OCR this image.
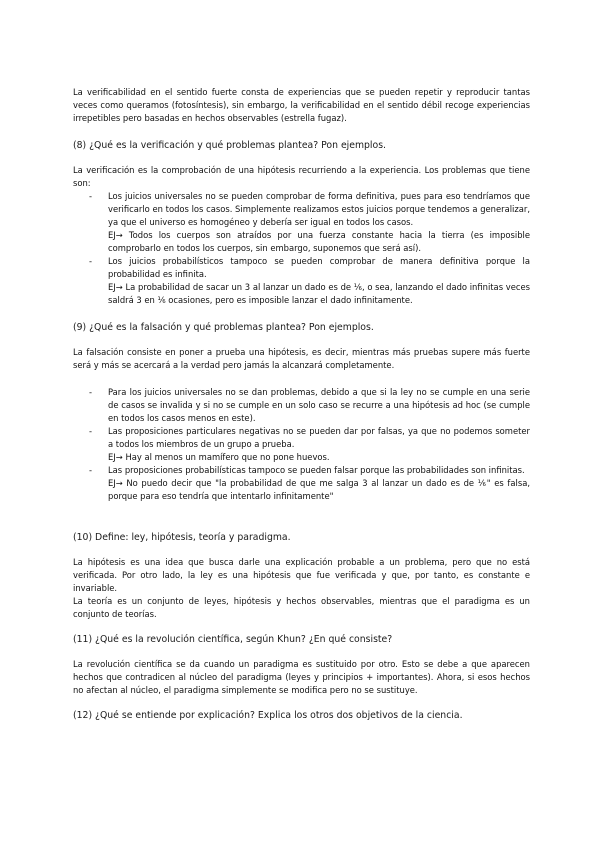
La verificabilidad en el sentido fuerte consta de experiencias que se pueden repetir y reproducir tantas veces como queramos (fotosíntesis), sin embargo, la verificabilidad en el sentido débil recoge experiencias irrepetibles pero basadas en hechos observables (estrella fugaz).

(8) ¿Qué es la verificación y qué problemas plantea? Pon ejemplos.

La verificación es la comprobación de una hipótesis recurriendo a la experiencia. Los problemas que tiene son:

- Los juicios universales no se pueden comprobar de forma definitiva, pues para eso tendríamos que verificarlo en todos los casos. Simplemente realizamos estos juicios porque tendemos a generalizar, ya que el universo es homogéneo y debería ser igual en todos los casos.
EJ→ Todos los cuerpos son atraídos por una fuerza constante hacia la tierra (es imposible comprobarlo en todos los cuerpos, sin embargo, suponemos que será así).
- Los juicios probabilísticos tampoco se pueden comprobar de manera definitiva porque la probabilidad es infinita.
EJ→ La probabilidad de sacar un 3 al lanzar un dado es de ⅙, o sea, lanzando el dado infinitas veces saldrá 3 en ⅙ ocasiones, pero es imposible lanzar el dado infinitamente.
(9) ¿Qué es la falsación y qué problemas plantea? Pon ejemplos.

La falsación consiste en poner a prueba una hipótesis, es decir, mientras más pruebas supere más fuerte será y más se acercará a la verdad pero jamás la alcanzará completamente.

- Para los juicios universales no se dan problemas, debido a que si la ley no se cumple en una serie de casos se invalida y si no se cumple en un solo caso se recurre a una hipótesis ad hoc (se cumple en todos los casos menos en este).
- Las proposiciones particulares negativas no se pueden dar por falsas, ya que no podemos someter a todos los miembros de un grupo a prueba.
EJ→ Hay al menos un mamífero que no pone huevos.
- Las proposiciones probabilísticas tampoco se pueden falsar porque las probabilidades son infinitas.
EJ→ No puedo decir que "la probabilidad de que me salga 3 al lanzar un dado es de ⅙" es falsa, porque para eso tendría que intentarlo infinitamente"
(10) Define: ley, hipótesis, teoría y paradigma.

La hipótesis es una idea que busca darle una explicación probable a un problema, pero que no está verificada. Por otro lado, la ley es una hipótesis que fue verificada y que, por tanto, es constante e invariable.

La teoría es un conjunto de leyes, hipótesis y hechos observables, mientras que el paradigma es un conjunto de teorías.

(11) ¿Qué es la revolución científica, según Khun? ¿En qué consiste?

La revolución científica se da cuando un paradigma es sustituido por otro. Esto se debe a que aparecen hechos que contradicen al núcleo del paradigma (leyes y principios + importantes). Ahora, si esos hechos no afectan al núcleo, el paradigma simplemente se modifica pero no se sustituye.

(12) ¿Qué se entiende por explicación? Explica los otros dos objetivos de la ciencia.
